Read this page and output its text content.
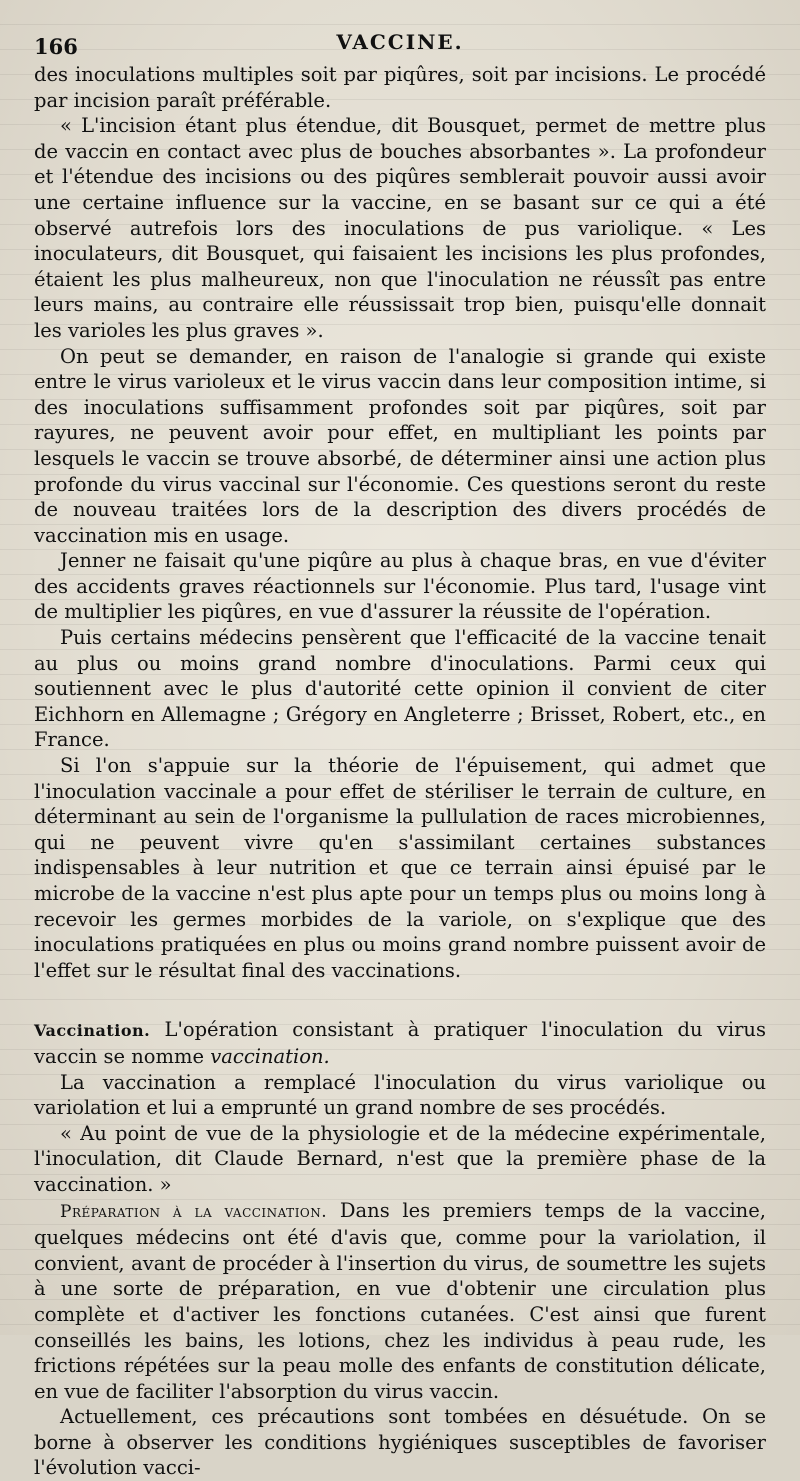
166	VACCINE.

des inoculations multiples soit par piqûres, soit par incisions. Le procédé par incision paraît préférable.

« L'incision étant plus étendue, dit Bousquet, permet de mettre plus de vaccin en contact avec plus de bouches absorbantes ». La profondeur et l'étendue des incisions ou des piqûres semblerait pouvoir aussi avoir une certaine influence sur la vaccine, en se basant sur ce qui a été observé autrefois lors des inoculations de pus variolique. « Les inoculateurs, dit Bousquet, qui faisaient les incisions les plus profondes, étaient les plus malheureux, non que l'inoculation ne réussît pas entre leurs mains, au contraire elle réussissait trop bien, puisqu'elle donnait les varioles les plus graves ».

On peut se demander, en raison de l'analogie si grande qui existe entre le virus varioleux et le virus vaccin dans leur composition intime, si des inoculations suffisamment profondes soit par piqûres, soit par rayures, ne peuvent avoir pour effet, en multipliant les points par lesquels le vaccin se trouve absorbé, de déterminer ainsi une action plus profonde du virus vaccinal sur l'économie. Ces questions seront du reste de nouveau traitées lors de la description des divers procédés de vaccination mis en usage.

Jenner ne faisait qu'une piqûre au plus à chaque bras, en vue d'éviter des accidents graves réactionnels sur l'économie. Plus tard, l'usage vint de multiplier les piqûres, en vue d'assurer la réussite de l'opération.

Puis certains médecins pensèrent que l'efficacité de la vaccine tenait au plus ou moins grand nombre d'inoculations. Parmi ceux qui soutiennent avec le plus d'autorité cette opinion il convient de citer Eichhorn en Allemagne ; Grégory en Angleterre ; Brisset, Robert, etc., en France.

Si l'on s'appuie sur la théorie de l'épuisement, qui admet que l'inoculation vaccinale a pour effet de stériliser le terrain de culture, en déterminant au sein de l'organisme la pullulation de races microbiennes, qui ne peuvent vivre qu'en s'assimilant certaines substances indispensables à leur nutrition et que ce terrain ainsi épuisé par le microbe de la vaccine n'est plus apte pour un temps plus ou moins long à recevoir les germes morbides de la variole, on s'explique que des inoculations pratiquées en plus ou moins grand nombre puissent avoir de l'effet sur le résultat final des vaccinations.

Vaccination. L'opération consistant à pratiquer l'inoculation du virus vaccin se nomme vaccination.

La vaccination a remplacé l'inoculation du virus variolique ou variolation et lui a emprunté un grand nombre de ses procédés.

« Au point de vue de la physiologie et de la médecine expérimentale, l'inoculation, dit Claude Bernard, n'est que la première phase de la vaccination. »

Préparation à la vaccination. Dans les premiers temps de la vaccine, quelques médecins ont été d'avis que, comme pour la variolation, il convient, avant de procéder à l'insertion du virus, de soumettre les sujets à une sorte de préparation, en vue d'obtenir une circulation plus complète et d'activer les fonctions cutanées. C'est ainsi que furent conseillés les bains, les lotions, chez les individus à peau rude, les frictions répétées sur la peau molle des enfants de constitution délicate, en vue de faciliter l'absorption du virus vaccin.

Actuellement, ces précautions sont tombées en désuétude. On se borne à observer les conditions hygiéniques susceptibles de favoriser l'évolution vacci-
